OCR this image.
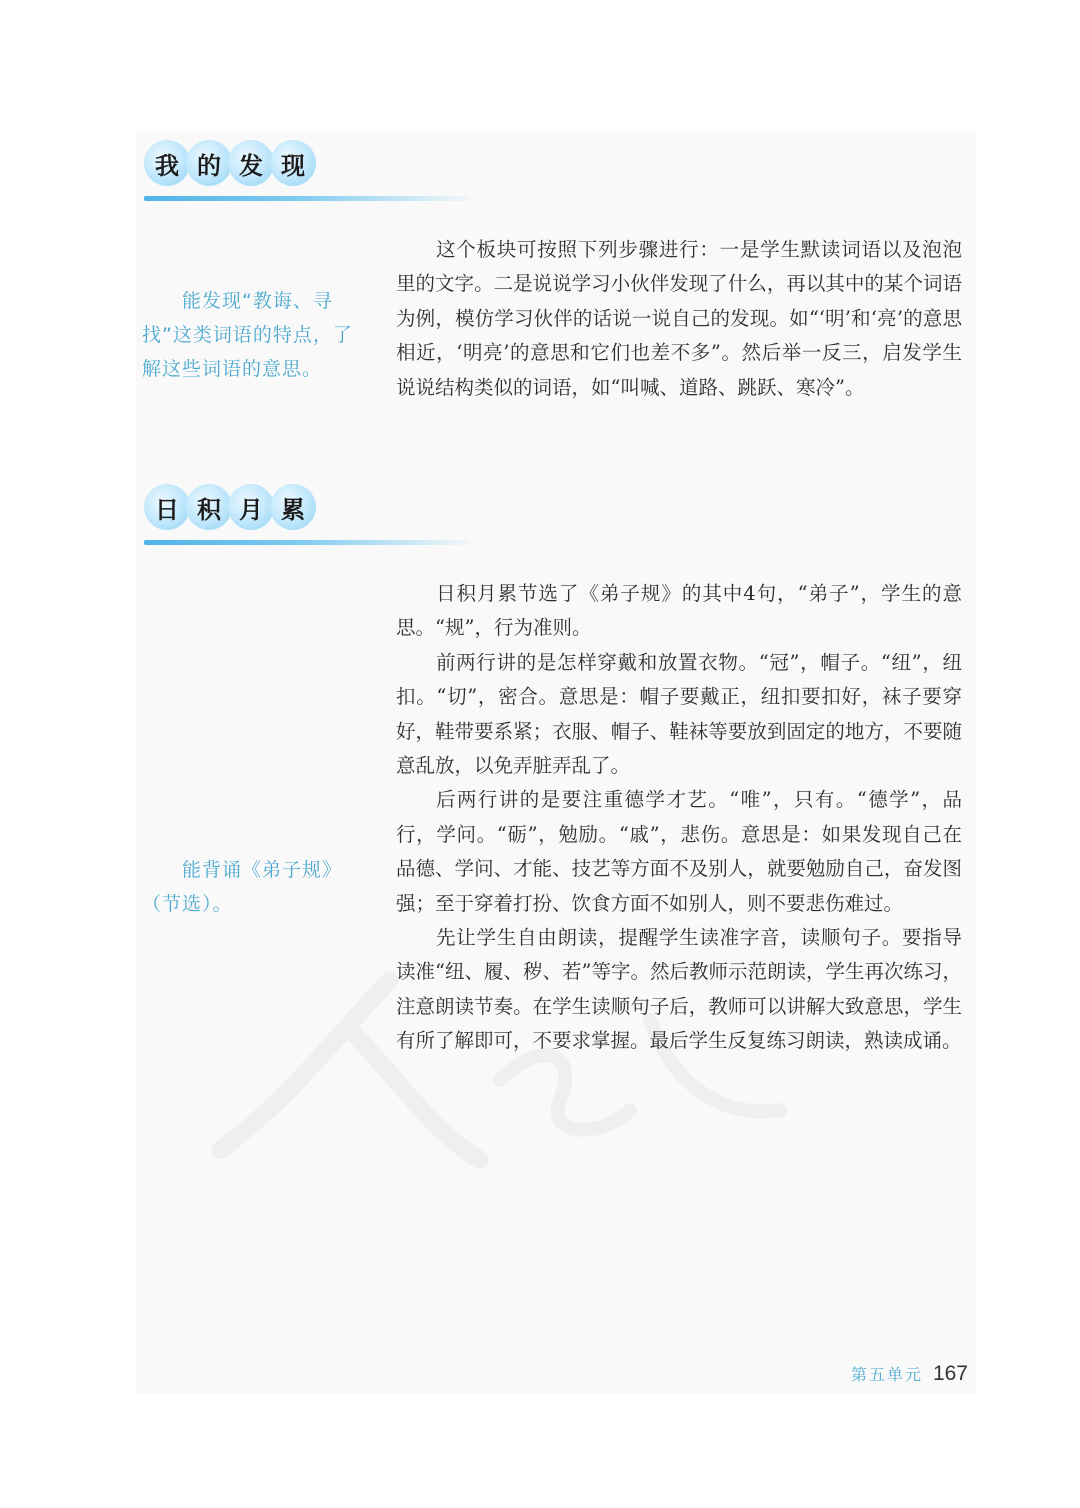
我 的 发 现
能发现“教诲、寻找”这类词语的特点，了解这些词语的意思。

这个板块可按照下列步骤进行：一是学生默读词语以及泡泡里的文字。二是说说学习小伙伴发现了什么，再以其中的某个词语为例，模仿学习伙伴的话说一说自己的发现。如“‘明’和‘亮’的意思相近，‘明亮’的意思和它们也差不多”。然后举一反三，启发学生说说结构类似的词语，如“叫喊、道路、跳跃、寒冷”。

日 积 月 累
能背诵《弟子规》（节选）。

日积月累节选了《弟子规》的其中4句，“弟子”，学生的意思。“规”，行为准则。

前两行讲的是怎样穿戴和放置衣物。“冠”，帽子。“纽”，纽扣。“切”，密合。意思是：帽子要戴正，纽扣要扣好，袜子要穿好，鞋带要系紧；衣服、帽子、鞋袜等要放到固定的地方，不要随意乱放，以免弄脏弄乱了。

后两行讲的是要注重德学才艺。“唯”，只有。“德学”，品行，学问。“砺”，勉励。“戚”，悲伤。意思是：如果发现自己在品德、学问、才能、技艺等方面不及别人，就要勉励自己，奋发图强；至于穿着打扮、饮食方面不如别人，则不要悲伤难过。

先让学生自由朗读，提醒学生读准字音，读顺句子。要指导读准“纽、履、秽、若”等字。然后教师示范朗读，学生再次练习，注意朗读节奏。在学生读顺句子后，教师可以讲解大致意思，学生有所了解即可，不要求掌握。最后学生反复练习朗读，熟读成诵。

第五单元 167
